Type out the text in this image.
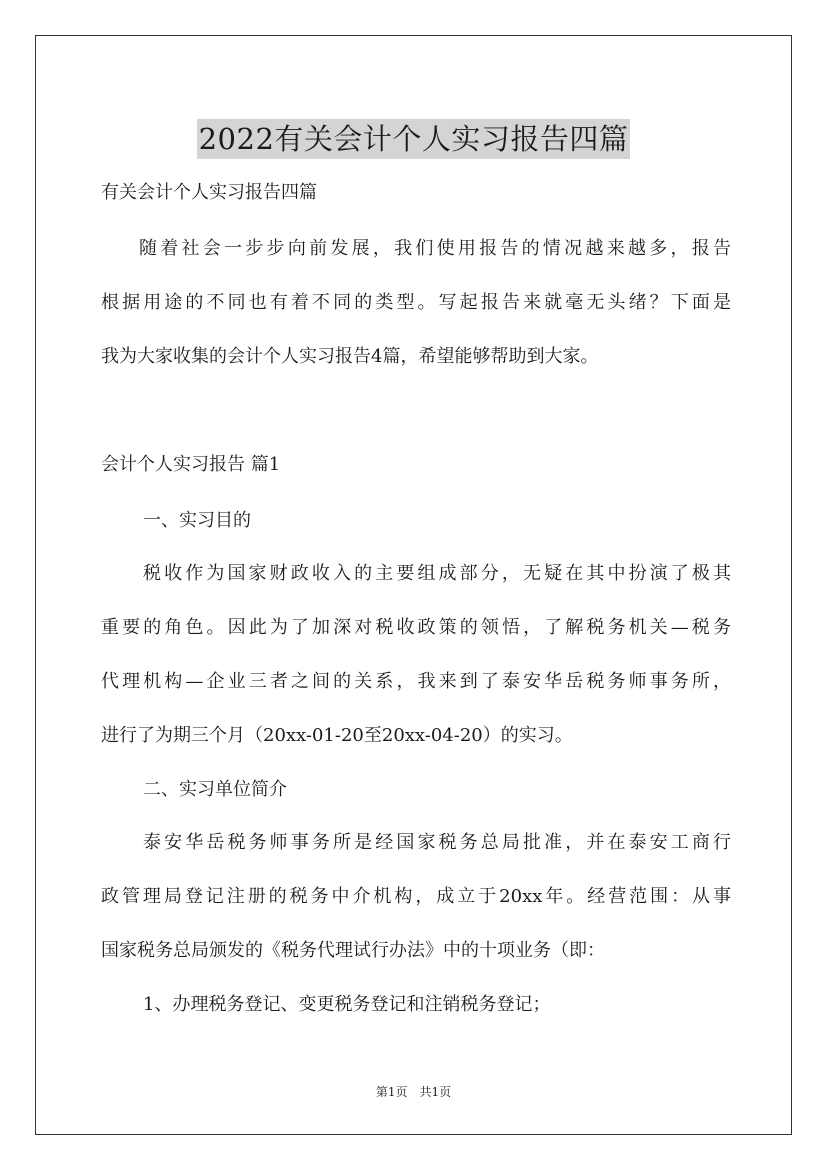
2022有关会计个人实习报告四篇
有关会计个人实习报告四篇
随着社会一步步向前发展，我们使用报告的情况越来越多，报告
根据用途的不同也有着不同的类型。写起报告来就毫无头绪？下面是
我为大家收集的会计个人实习报告4篇，希望能够帮助到大家。
会计个人实习报告 篇1
一、实习目的
税收作为国家财政收入的主要组成部分，无疑在其中扮演了极其
重要的角色。因此为了加深对税收政策的领悟，了解税务机关—税务
代理机构—企业三者之间的关系，我来到了泰安华岳税务师事务所，
进行了为期三个月（20xx-01-20至20xx-04-20）的实习。
二、实习单位简介
泰安华岳税务师事务所是经国家税务总局批准，并在泰安工商行
政管理局登记注册的税务中介机构，成立于20xx年。经营范围：从事
国家税务总局颁发的《税务代理试行办法》中的十项业务（即：
1、办理税务登记、变更税务登记和注销税务登记；
第1页　共1页
